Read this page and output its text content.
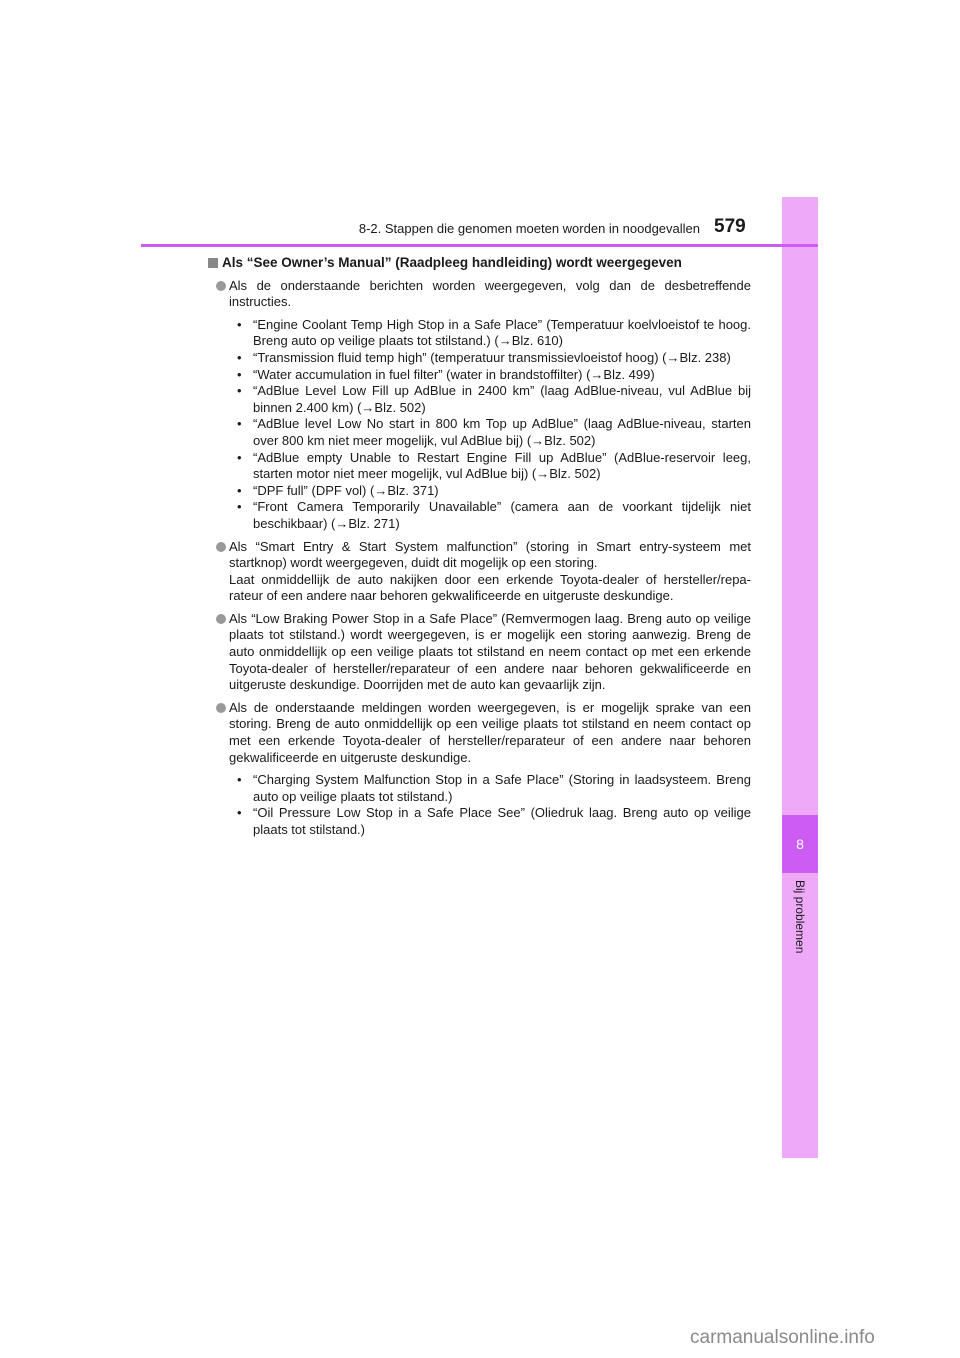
8
Bij problemen
8-2. Stappen die genomen moeten worden in noodgevallen 579
Als “See Owner’s Manual” (Raadpleeg handleiding) wordt weergegeven
Als de onderstaande berichten worden weergegeven, volg dan de desbetreffende instructies.
• “Engine Coolant Temp High Stop in a Safe Place” (Temperatuur koelvloeistof te hoog. Breng auto op veilige plaats tot stilstand.) (→Blz. 610)
• “Transmission fluid temp high” (temperatuur transmissievloeistof hoog) (→Blz. 238)
• “Water accumulation in fuel filter” (water in brandstoffilter) (→Blz. 499)
• “AdBlue Level Low Fill up AdBlue in 2400 km” (laag AdBlue-niveau, vul AdBlue bij binnen 2.400 km) (→Blz. 502)
• “AdBlue level Low No start in 800 km Top up AdBlue” (laag AdBlue-niveau, starten over 800 km niet meer mogelijk, vul AdBlue bij) (→Blz. 502)
• “AdBlue empty Unable to Restart Engine Fill up AdBlue” (AdBlue-reservoir leeg, starten motor niet meer mogelijk, vul AdBlue bij) (→Blz. 502)
• “DPF full” (DPF vol) (→Blz. 371)
• “Front Camera Temporarily Unavailable” (camera aan de voorkant tijdelijk niet beschikbaar) (→Blz. 271)
Als “Smart Entry & Start System malfunction” (storing in Smart entry-systeem met startknop) wordt weergegeven, duidt dit mogelijk op een storing.
Laat onmiddellijk de auto nakijken door een erkende Toyota-dealer of hersteller/repa-rateur of een andere naar behoren gekwalificeerde en uitgeruste deskundige.
Als “Low Braking Power Stop in a Safe Place” (Remvermogen laag. Breng auto op veilige plaats tot stilstand.) wordt weergegeven, is er mogelijk een storing aanwezig. Breng de auto onmiddellijk op een veilige plaats tot stilstand en neem contact op met een erkende Toyota-dealer of hersteller/reparateur of een andere naar behoren gekwalificeerde en uitgeruste deskundige. Doorrijden met de auto kan gevaarlijk zijn.
Als de onderstaande meldingen worden weergegeven, is er mogelijk sprake van een storing. Breng de auto onmiddellijk op een veilige plaats tot stilstand en neem contact op met een erkende Toyota-dealer of hersteller/reparateur of een andere naar behoren gekwalificeerde en uitgeruste deskundige.
• “Charging System Malfunction Stop in a Safe Place” (Storing in laadsysteem. Breng auto op veilige plaats tot stilstand.)
• “Oil Pressure Low Stop in a Safe Place See” (Oliedruk laag. Breng auto op veilige plaats tot stilstand.)
carmanualsonline.info
